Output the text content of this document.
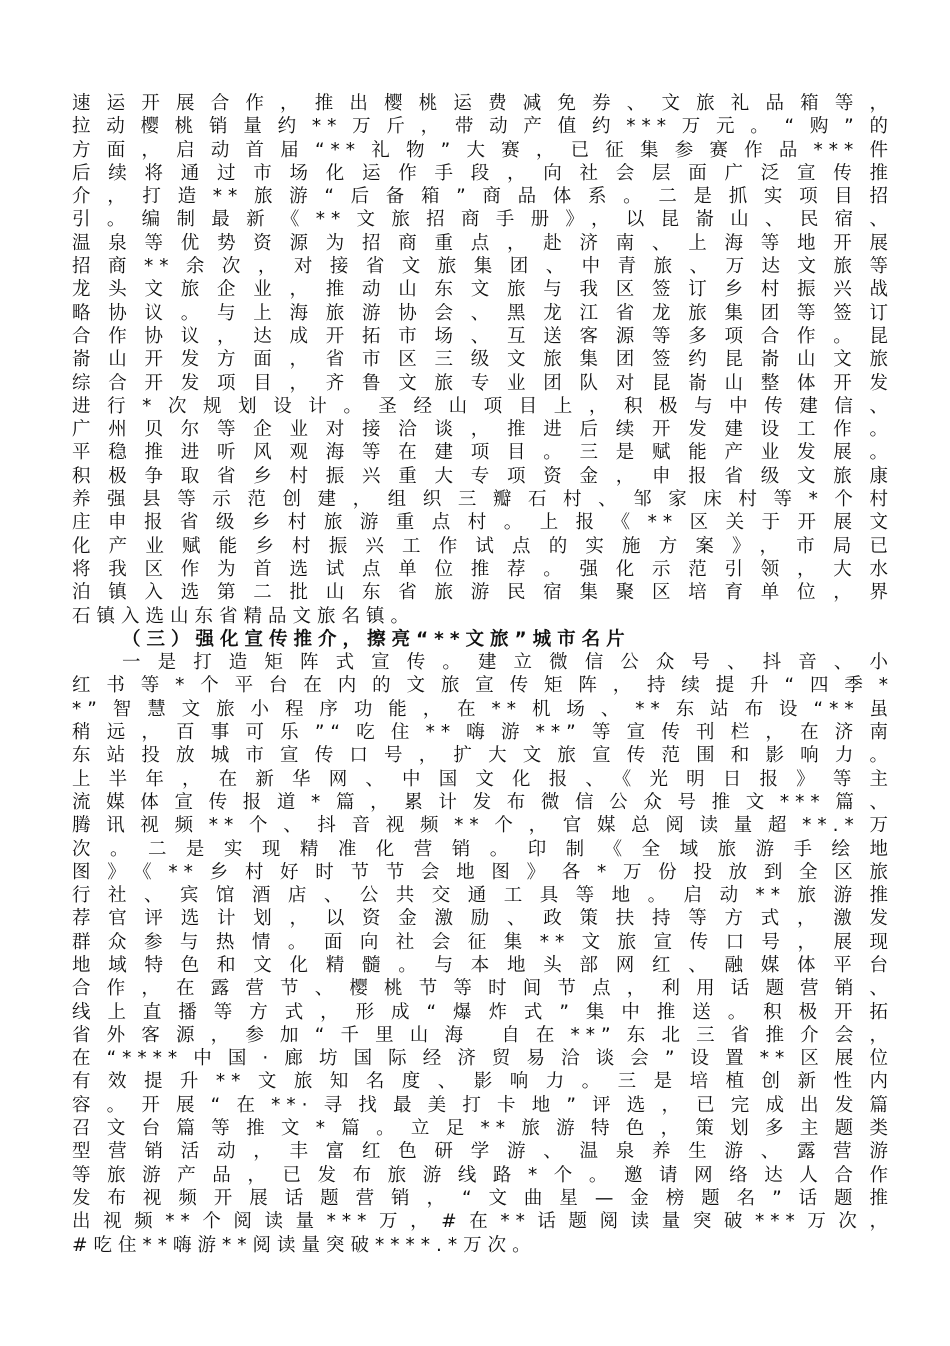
速运开展合作，推出樱桃运费减免券、文旅礼品箱等，
拉动樱桃销量约**万斤，带动产值约***万元。“购”的
方面，启动首届“**礼物”大赛，已征集参赛作品***件
后续将通过市场化运作手段，向社会层面广泛宣传推
介，打造**旅游“后备箱”商品体系。二是抓实项目招
引。编制最新《**文旅招商手册》，以昆嵛山、民宿、
温泉等优势资源为招商重点，赴济南、上海等地开展
招商**余次，对接省文旅集团、中青旅、万达文旅等
龙头文旅企业，推动山东文旅与我区签订乡村振兴战
略协议。与上海旅游协会、黑龙江省龙旅集团等签订
合作协议，达成开拓市场、互送客源等多项合作。昆
嵛山开发方面，省市区三级文旅集团签约昆嵛山文旅
综合开发项目，齐鲁文旅专业团队对昆嵛山整体开发
进行*次规划设计。圣经山项目上，积极与中传建信、
广州贝尔等企业对接洽谈，推进后续开发建设工作。
平稳推进听风观海等在建项目。三是赋能产业发展。
积极争取省乡村振兴重大专项资金，申报省级文旅康
养强县等示范创建，组织三瓣石村、邹家床村等*个村
庄申报省级乡村旅游重点村。上报《**区关于开展文
化产业赋能乡村振兴工作试点的实施方案》，市局已
将我区作为首选试点单位推荐。强化示范引领，大水
泊镇入选第二批山东省旅游民宿集聚区培育单位，界
石镇入选山东省精品文旅名镇。
（三）强化宣传推介，擦亮“**文旅”城市名片
一是打造矩阵式宣传。建立微信公众号、抖音、小
红书等*个平台在内的文旅宣传矩阵，持续提升“四季*
*”智慧文旅小程序功能，在**机场、**东站布设“**虽
稍远，百事可乐”“吃住**嗨游**”等宣传刊栏，在济南
东站投放城市宣传口号，扩大文旅宣传范围和影响力。
上半年，在新华网、中国文化报、《光明日报》等主
流媒体宣传报道*篇，累计发布微信公众号推文***篇、
腾讯视频**个、抖音视频**个，官媒总阅读量超**.*万
次。二是实现精准化营销。印制《全域旅游手绘地
图》《**乡村好时节节会地图》各*万份投放到全区旅
行社、宾馆酒店、公共交通工具等地。启动**旅游推
荐官评选计划，以资金激励、政策扶持等方式，激发
群众参与热情。面向社会征集**文旅宣传口号，展现
地域特色和文化精髓。与本地头部网红、融媒体平台
合作，在露营节、樱桃节等时间节点，利用话题营销、
线上直播等方式，形成“爆炸式”集中推送。积极开拓
省外客源，参加“千里山海 自在**”东北三省推介会，
在“****中国·廊坊国际经济贸易洽谈会”设置**区展位
有效提升**文旅知名度、影响力。三是培植创新性内
容。开展“在**·寻找最美打卡地”评选，已完成出发篇
召文台篇等推文*篇。立足**旅游特色，策划多主题类
型营销活动，丰富红色研学游、温泉养生游、露营游
等旅游产品，已发布旅游线路*个。邀请网络达人合作
发布视频开展话题营销，“文曲星—金榜题名”话题推
出视频**个阅读量***万，#在**话题阅读量突破***万次，
#吃住**嗨游**阅读量突破****.*万次。
